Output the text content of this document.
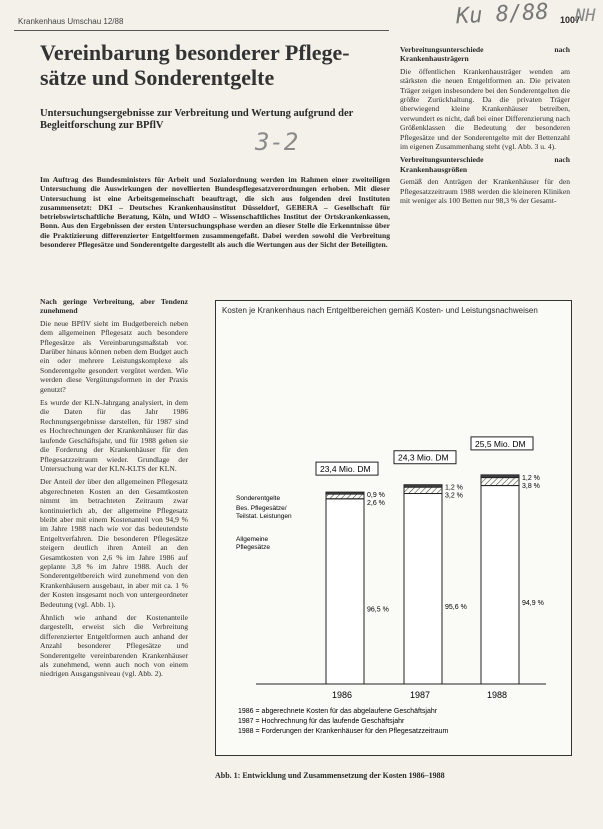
Krankenhaus Umschau 12/88	1007
Ku 8/88 NH
3-2
Vereinbarung besonderer Pflege-sätze und Sonderentgelte
Untersuchungsergebnisse zur Verbreitung und Wertung aufgrund der Begleitforschung zur BPflV
Im Auftrag des Bundesministers für Arbeit und Sozialordnung werden im Rahmen einer zweiteiligen Untersuchung die Auswirkungen der novellierten Bundespflegesatzverordnungen erhoben. Mit dieser Untersuchung ist eine Arbeitsgemeinschaft beauftragt, die sich aus folgenden drei Instituten zusammensetzt: DKI – Deutsches Krankenhausinstitut Düsseldorf, GEBERA – Gesellschaft für betriebswirtschaftliche Beratung, Köln, und WIdO – Wissenschaftliches Institut der Ortskrankenkassen, Bonn. Aus den Ergebnissen der ersten Untersuchungsphase werden an dieser Stelle die Erkenntnisse über die Praktizierung differenzierter Entgeltformen zusammengefaßt. Dabei werden sowohl die Verbreitung besonderer Pflegesätze und Sonderentgelte dargestellt als auch die Wertungen aus der Sicht der Beteiligten.
Nach geringe Verbreitung, aber Tendenz zunehmend

Die neue BPflV sieht im Budgetbereich neben dem allgemeinen Pflegesatz auch besondere Pflegesätze als Vereinbarungsmaßstab vor. Darüber hinaus können neben dem Budget auch ein oder mehrere Leistungskomplexe als Sonderentgelte gesondert vergütet werden. Wie werden diese Vergütungsformen in der Praxis genutzt?

Es wurde der KLN-Jahrgang analysiert, in dem die Daten für das Jahr 1986 Rechnungsergebnisse darstellen, für 1987 sind es Hochrechnungen der Krankenhäuser für das laufende Geschäftsjahr, und für 1988 gehen sie die Forderung der Krankenhäuser für den Pflegesatzzeitraum wieder. Grundlage der Untersuchung war der KLN-KLTS der KLN.

Der Anteil der über den allgemeinen Pflegesatz abgerechneten Kosten an den Gesamtkosten nimmt im betrachteten Zeitraum zwar kontinuierlich ab, der allgemeine Pflegesatz bleibt aber mit einem Kostenanteil von 94,9 % im Jahre 1988 nach wie vor das bedeutendste Entgeltverfahren. Die besonderen Pflegesätze steigern deutlich ihren Anteil an den Gesamtkosten von 2,6 % im Jahre 1986 auf geplante 3,8 % im Jahre 1988. Auch der Sonderentgeltbereich wird zunehmend von den Krankenhäusern ausgebaut, in aber mit ca. 1 % der Kosten insgesamt noch von untergeordneter Bedeutung (vgl. Abb. 1).

Ähnlich wie anhand der Kostenanteile dargestellt, erweist sich die Verbreitung differenzierter Entgeltformen auch anhand der Anzahl besonderer Pflegesätze und Sonderentgelte vereinbarenden Krankenhäuser als zunehmend, wenn auch noch von einem niedrigen Ausgangsniveau (vgl. Abb. 2).

Verbreitungsunterschiede nach Krankenhausträgern

Die öffentlichen Krankenhausträger wenden am stärksten die neuen Entgeltformen an. Die privaten Träger zeigen insbesondere bei den Sonderentgelten die größte Zurückhaltung. Da die privaten Träger überwiegend kleine Krankenhäuser betreiben, verwundert es nicht, daß bei einer Differenzierung nach Größenklassen die Bedeutung der besonderen Pflegesätze und der Sonderentgelte mit der Bettenzahl im eigenen Zusammenhang steht (vgl. Abb. 3 u. 4).

Verbreitungsunterschiede nach Krankenhausgrößen

Gemäß den Anträgen der Krankenhäuser für den Pflegesatzzeitraum 1988 werden die kleineren Kliniken mit weniger als 100 Betten nur 98,3 % der Gesamt-

Kosten je Krankenhaus nach Entgeltbereichen gemäß Kosten- und Leistungsnachweisen
0,9 %
2,6 %
96,5 %
23,4 Mio. DM
1986
1,2 %
3,2 %
95,6 %
24,3 Mio. DM
1987
1,2 %
3,8 %
94,9 %
25,5 Mio. DM
1988
Sonderentgelte
Bes. Pflegesätze/
Teilstat. Leistungen
Allgemeine
Pflegesätze
1986 = abgerechnete Kosten für das abgelaufene Geschäftsjahr
1987 = Hochrechnung für das laufende Geschäftsjahr
1988 = Forderungen der Krankenhäuser für den Pflegesatzzeitraum
Abb. 1: Entwicklung und Zusammensetzung der Kosten 1986–1988
